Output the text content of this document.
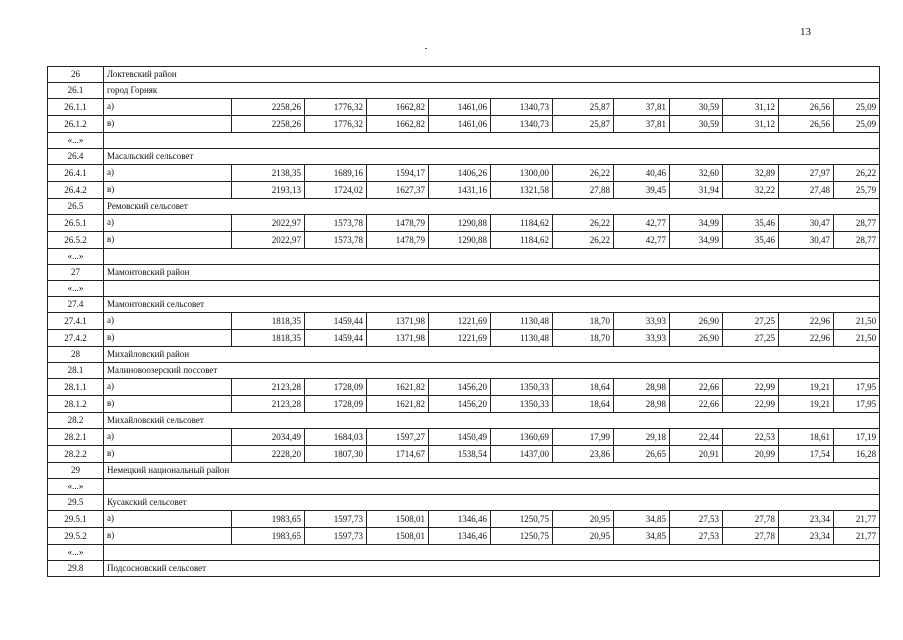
13
26	Локтевский район											
26.1	город Горняк											
26.1.1	а)	2258,26	1776,32	1662,82	1461,06	1340,73	25,87	37,81	30,59	31,12	26,56	25,09
26.1.2	в)	2258,26	1776,32	1662,82	1461,06	1340,73	25,87	37,81	30,59	31,12	26,56	25,09
«...»												
26.4	Масальский сельсовет											
26.4.1	а)	2138,35	1689,16	1594,17	1406,26	1300,00	26,22	40,46	32,60	32,89	27,97	26,22
26.4.2	в)	2193,13	1724,02	1627,37	1431,16	1321,58	27,88	39,45	31,94	32,22	27,48	25,79
26.5	Ремовский сельсовет											
26.5.1	а)	2022,97	1573,78	1478,79	1290,88	1184,62	26,22	42,77	34,99	35,46	30,47	28,77
26.5.2	в)	2022,97	1573,78	1478,79	1290,88	1184,62	26,22	42,77	34,99	35,46	30,47	28,77
«...»												
27	Мамонтовский район											
«...»												
27.4	Мамонтовский сельсовет											
27.4.1	а)	1818,35	1459,44	1371,98	1221,69	1130,48	18,70	33,93	26,90	27,25	22,96	21,50
27.4.2	в)	1818,35	1459,44	1371,98	1221,69	1130,48	18,70	33,93	26,90	27,25	22,96	21,50
28	Михайловский район											
28.1	Малиновоозерский поссовет											
28.1.1	а)	2123,28	1728,09	1621,82	1456,20	1350,33	18,64	28,98	22,66	22,99	19,21	17,95
28.1.2	в)	2123,28	1728,09	1621,82	1456,20	1350,33	18,64	28,98	22,66	22,99	19,21	17,95
28.2	Михайловский сельсовет											
28.2.1	а)	2034,49	1684,03	1597,27	1450,49	1360,69	17,99	29,18	22,44	22,53	18,61	17,19
28.2.2	в)	2228,20	1807,30	1714,67	1538,54	1437,00	23,86	26,65	20,91	20,99	17,54	16,28
29	Немецкий национальный район											
«...»												
29.5	Кусакский сельсовет											
29.5.1	а)	1983,65	1597,73	1508,01	1346,46	1250,75	20,95	34,85	27,53	27,78	23,34	21,77
29.5.2	в)	1983,65	1597,73	1508,01	1346,46	1250,75	20,95	34,85	27,53	27,78	23,34	21,77
«...»												
29.8	Подсосновский сельсовет											
